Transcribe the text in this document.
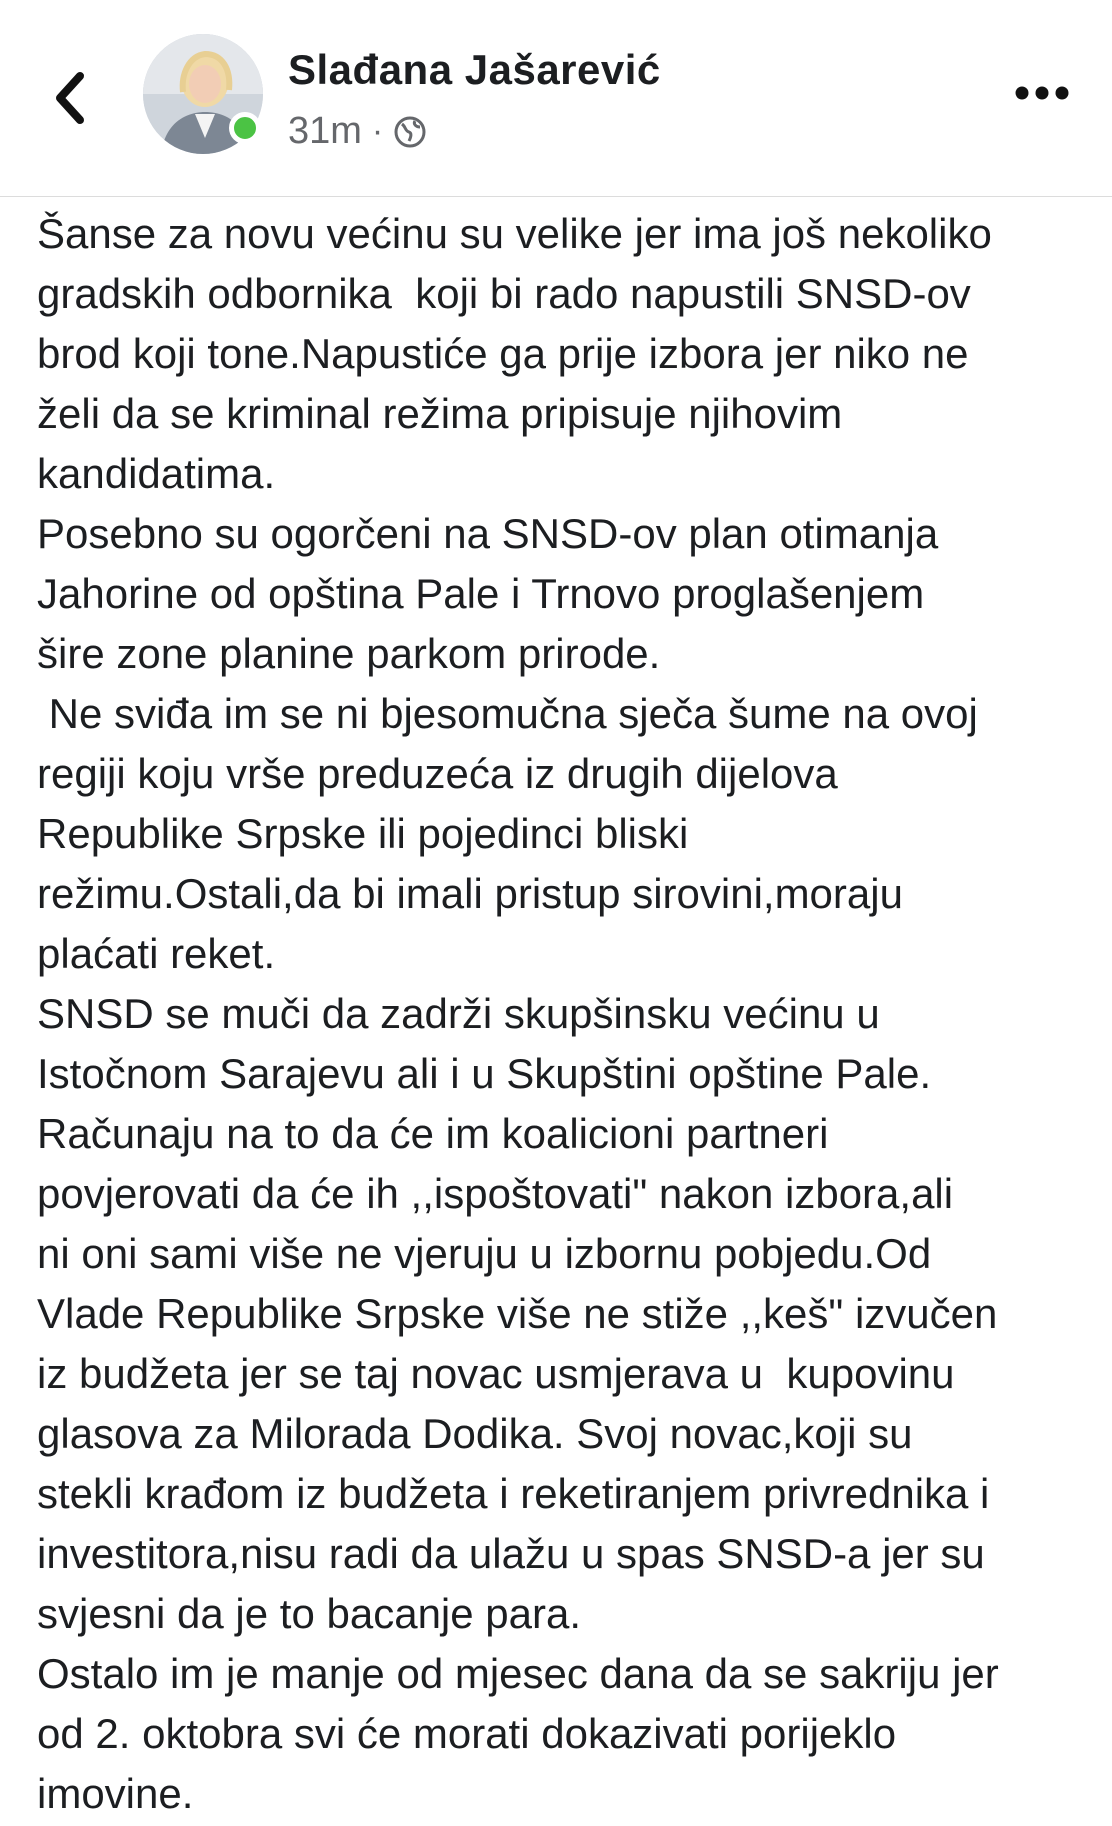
Slađana Jašarević
31m ·
Šanse za novu većinu su velike jer ima još nekoliko
gradskih odbornika  koji bi rado napustili SNSD-ov
brod koji tone.Napustiće ga prije izbora jer niko ne
želi da se kriminal režima pripisuje njihovim
kandidatima.
Posebno su ogorčeni na SNSD-ov plan otimanja
Jahorine od opština Pale i Trnovo proglašenjem
šire zone planine parkom prirode.
Ne sviđa im se ni bjesomučna sječa šume na ovoj
regiji koju vrše preduzeća iz drugih dijelova
Republike Srpske ili pojedinci bliski
režimu.Ostali,da bi imali pristup sirovini,moraju
plaćati reket.
SNSD se muči da zadrži skupšinsku većinu u
Istočnom Sarajevu ali i u Skupštini opštine Pale.
Računaju na to da će im koalicioni partneri
povjerovati da će ih ,,ispoštovati" nakon izbora,ali
ni oni sami više ne vjeruju u izbornu pobjedu.Od
Vlade Republike Srpske više ne stiže ,,keš" izvučen
iz budžeta jer se taj novac usmjerava u  kupovinu
glasova za Milorada Dodika. Svoj novac,koji su
stekli krađom iz budžeta i reketiranjem privrednika i
investitora,nisu radi da ulažu u spas SNSD-a jer su
svjesni da je to bacanje para.
Ostalo im je manje od mjesec dana da se sakriju jer
od 2. oktobra svi će morati dokazivati porijeklo
imovine.
